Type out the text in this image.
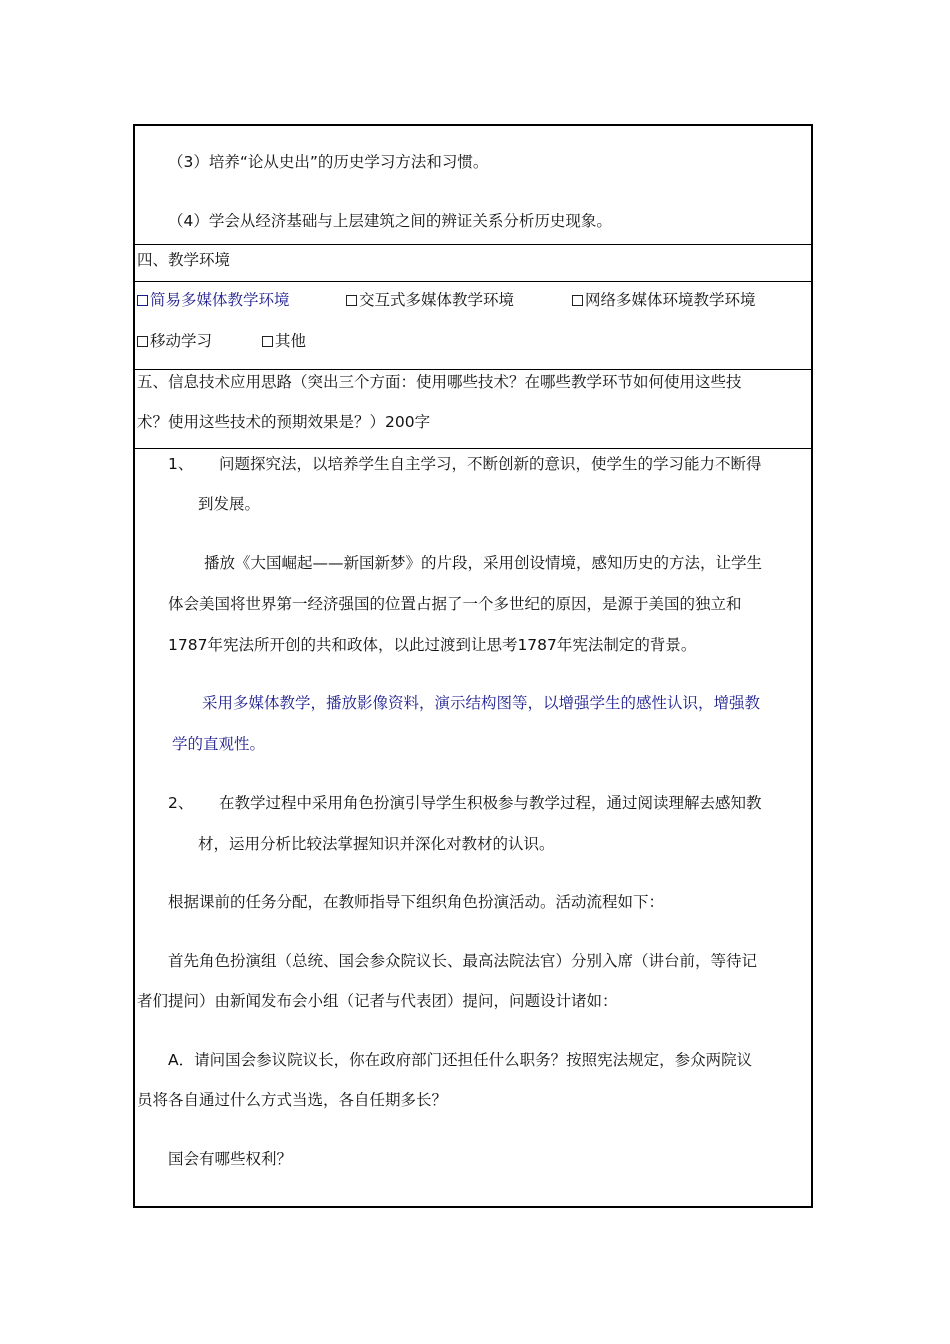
（3）培养“论从史出”的历史学习方法和习惯。
（4）学会从经济基础与上层建筑之间的辨证关系分析历史现象。
四、教学环境
简易多媒体教学环境	交互式多媒体教学环境	网络多媒体环境教学环境
移动学习	其他
五、信息技术应用思路（突出三个方面：使用哪些技术？在哪些教学环节如何使用这些技
术？使用这些技术的预期效果是？）200字
1、 问题探究法，以培养学生自主学习，不断创新的意识，使学生的学习能力不断得
到发展。
播放《大国崛起——新国新梦》的片段，采用创设情境，感知历史的方法，让学生
体会美国将世界第一经济强国的位置占据了一个多世纪的原因，是源于美国的独立和
1787年宪法所开创的共和政体，以此过渡到让思考1787年宪法制定的背景。
采用多媒体教学，播放影像资料，演示结构图等，以增强学生的感性认识，增强教
学的直观性。
2、 在教学过程中采用角色扮演引导学生积极参与教学过程，通过阅读理解去感知教
材，运用分析比较法掌握知识并深化对教材的认识。
根据课前的任务分配，在教师指导下组织角色扮演活动。活动流程如下：
首先角色扮演组（总统、国会参众院议长、最高法院法官）分别入席（讲台前，等待记
者们提问）由新闻发布会小组（记者与代表团）提问，问题设计诸如：
A．请问国会参议院议长，你在政府部门还担任什么职务？按照宪法规定，参众两院议
员将各自通过什么方式当选，各自任期多长？
国会有哪些权利？
